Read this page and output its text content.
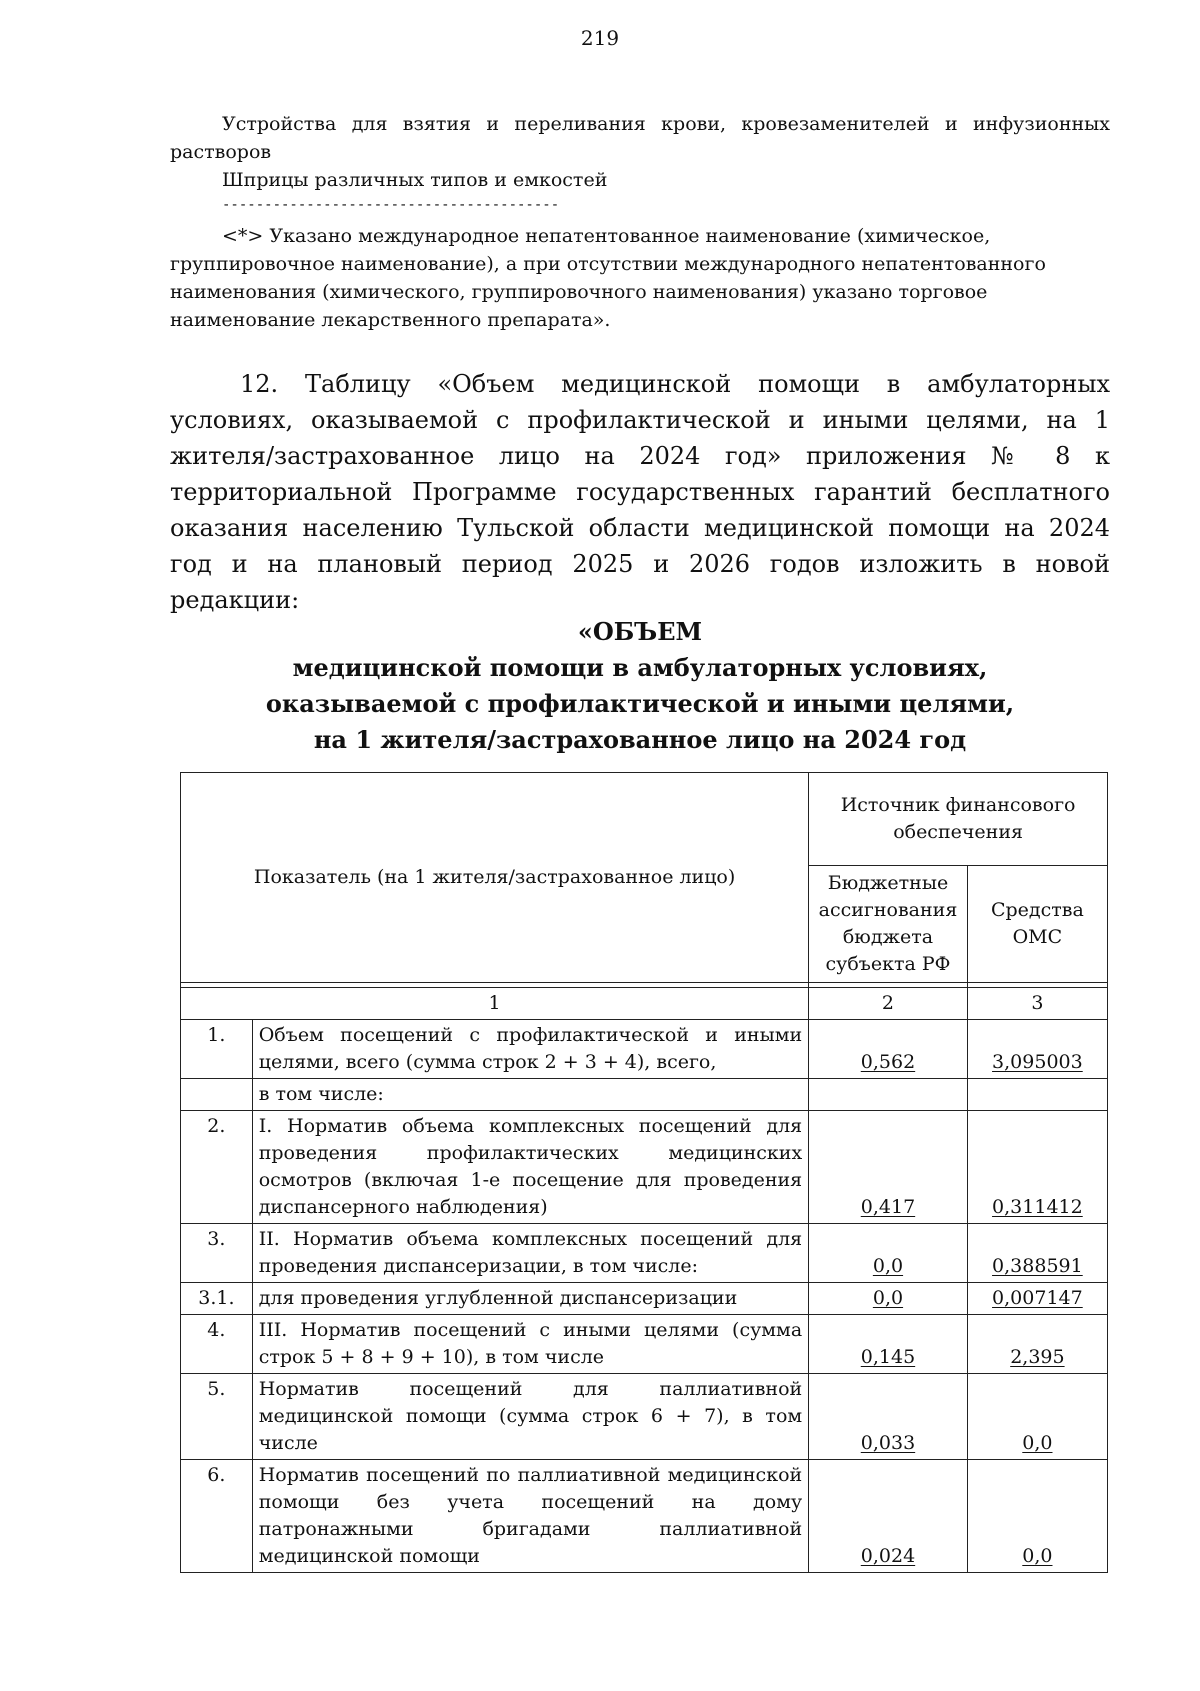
219
Устройства для взятия и переливания крови, кровезаменителей и инфузионных растворов
Шприцы различных типов и емкостей
----------------------------------------
<*> Указано международное непатентованное наименование (химическое, группировочное наименование), а при отсутствии международного непатентованного наименования (химического, группировочного наименования) указано торговое наименование лекарственного препарата».
12. Таблицу «Объем медицинской помощи в амбулаторных условиях, оказываемой с профилактической и иными целями, на 1 жителя/застрахованное лицо на 2024 год» приложения № 8 к территориальной Программе государственных гарантий бесплатного оказания населению Тульской области медицинской помощи на 2024 год и на плановый период 2025 и 2026 годов изложить в новой редакции:
«ОБЪЕМ
медицинской помощи в амбулаторных условиях,
оказываемой с профилактической и иными целями,
на 1 жителя/застрахованное лицо на 2024 год
Показатель (на 1 жителя/застрахованное лицо)		Источник финансового обеспечения	
		Бюджетные ассигнования бюджета субъекта РФ	Средства ОМС

1		2	3
1.	Объем посещений с профилактической и иными целями, всего (сумма строк 2 + 3 + 4), всего,	0,562	3,095003
	в том числе:		
2.	I. Норматив объема комплексных посещений для проведения профилактических медицинских осмотров (включая 1-е посещение для проведения диспансерного наблюдения)	0,417	0,311412
3.	II. Норматив объема комплексных посещений для проведения диспансеризации, в том числе:	0,0	0,388591
3.1.	для проведения углубленной диспансеризации	0,0	0,007147
4.	III. Норматив посещений с иными целями (сумма строк 5 + 8 + 9 + 10), в том числе	0,145	2,395
5.	Норматив посещений для паллиативной медицинской помощи (сумма строк 6 + 7), в том числе	0,033	0,0
6.	Норматив посещений по паллиативной медицинской помощи без учета посещений на дому патронажными бригадами паллиативной медицинской помощи	0,024	0,0
